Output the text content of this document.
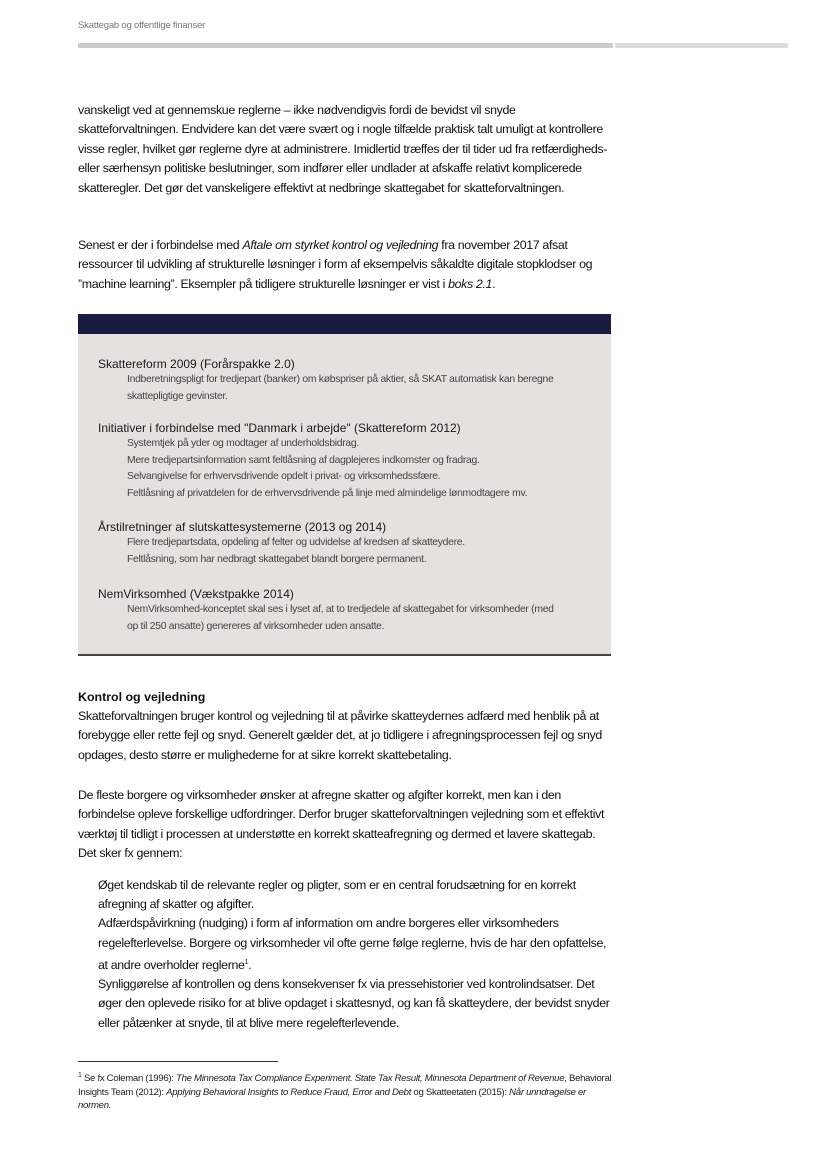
Skattegab og offentlige finanser

vanskeligt ved at gennemskue reglerne – ikke nødvendigvis fordi de bevidst vil snyde skatteforvaltningen. Endvidere kan det være svært og i nogle tilfælde praktisk talt umuligt at kontrollere visse regler, hvilket gør reglerne dyre at administrere. Imidlertid træffes der til tider ud fra retfærdigheds- eller særhensyn politiske beslutninger, som indfører eller undlader at afskaffe relativt komplicerede skatteregler. Det gør det vanskeligere effektivt at nedbringe skattegabet for skatteforvaltningen.

Senest er der i forbindelse med Aftale om styrket kontrol og vejledning fra november 2017 afsat ressourcer til udvikling af strukturelle løsninger i form af eksempelvis såkaldte digitale stopklodser og ”machine learning”. Eksempler på tidligere strukturelle løsninger er vist i boks 2.1.

Skattereform 2009 (Forårspakke 2.0)
Indberetningspligt for tredjepart (banker) om købspriser på aktier, så SKAT automatisk kan beregne
skattepligtige gevinster.
Initiativer i forbindelse med "Danmark i arbejde" (Skattereform 2012)
Systemtjek på yder og modtager af underholdsbidrag.
Mere tredjepartsinformation samt feltlåsning af dagplejeres indkomster og fradrag.
Selvangivelse for erhvervsdrivende opdelt i privat- og virksomhedssfære.
Feltlåsning af privatdelen for de erhvervsdrivende på linje med almindelige lønmodtagere mv.
Årstilretninger af slutskattesystemerne (2013 og 2014)
Flere tredjepartsdata, opdeling af felter og udvidelse af kredsen af skatteydere.
Feltlåsning, som har nedbragt skattegabet blandt borgere permanent.
NemVirksomhed (Vækstpakke 2014)
NemVirksomhed-konceptet skal ses i lyset af, at to tredjedele af skattegabet for virksomheder (med
op til 250 ansatte) genereres af virksomheder uden ansatte.

Kontrol og vejledning

Skatteforvaltningen bruger kontrol og vejledning til at påvirke skatteydernes adfærd med henblik på at forebygge eller rette fejl og snyd. Generelt gælder det, at jo tidligere i afregningsprocessen fejl og snyd opdages, desto større er mulighederne for at sikre korrekt skattebetaling.

De fleste borgere og virksomheder ønsker at afregne skatter og afgifter korrekt, men kan i den forbindelse opleve forskellige udfordringer. Derfor bruger skatteforvaltningen vejledning som et effektivt værktøj til tidligt i processen at understøtte en korrekt skatteafregning og dermed et lavere skattegab. Det sker fx gennem:

Øget kendskab til de relevante regler og pligter, som er en central forudsætning for en korrekt afregning af skatter og afgifter.

Adfærdspåvirkning (nudging) i form af information om andre borgeres eller virksomheders regelefterlevelse. Borgere og virksomheder vil ofte gerne følge reglerne, hvis de har den opfattelse, at andre overholder reglerne$^1$.

Synliggørelse af kontrollen og dens konsekvenser fx via pressehistorier ved kontrolindsatser. Det øger den oplevede risiko for at blive opdaget i skattesnyd, og kan få skatteydere, der bevidst snyder eller påtænker at snyde, til at blive mere regelefterlevende.

$^1$ Se fx Coleman (1996): The Minnesota Tax Compliance Experiment. State Tax Result, Minnesota Department of Revenue, Behavioral Insights Team (2012): Applying Behavioral Insights to Reduce Fraud, Error and Debt og Skatteetaten (2015): Når unndragelse er normen.
